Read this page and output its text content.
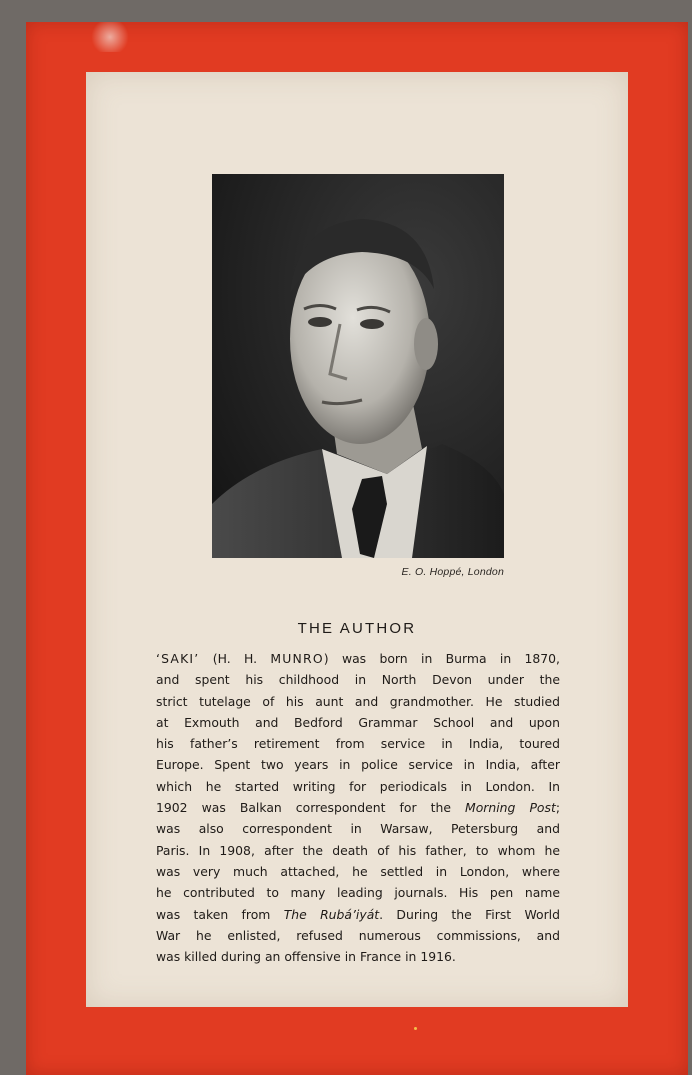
E. O. Hoppé, London
THE AUTHOR
‘SAKI’ (H. H. MUNRO) was born in Burma in 1870,
and spent his childhood in North Devon under the
strict tutelage of his aunt and grandmother. He studied
at Exmouth and Bedford Grammar School and upon
his father’s retirement from service in India, toured
Europe. Spent two years in police service in India, after
which he started writing for periodicals in London. In
1902 was Balkan correspondent for the Morning Post;
was also correspondent in Warsaw, Petersburg and
Paris. In 1908, after the death of his father, to whom he
was very much attached, he settled in London, where
he contributed to many leading journals. His pen name
was taken from The Rubá’iyát. During the First World
War he enlisted, refused numerous commissions, and
was killed during an offensive in France in 1916.
